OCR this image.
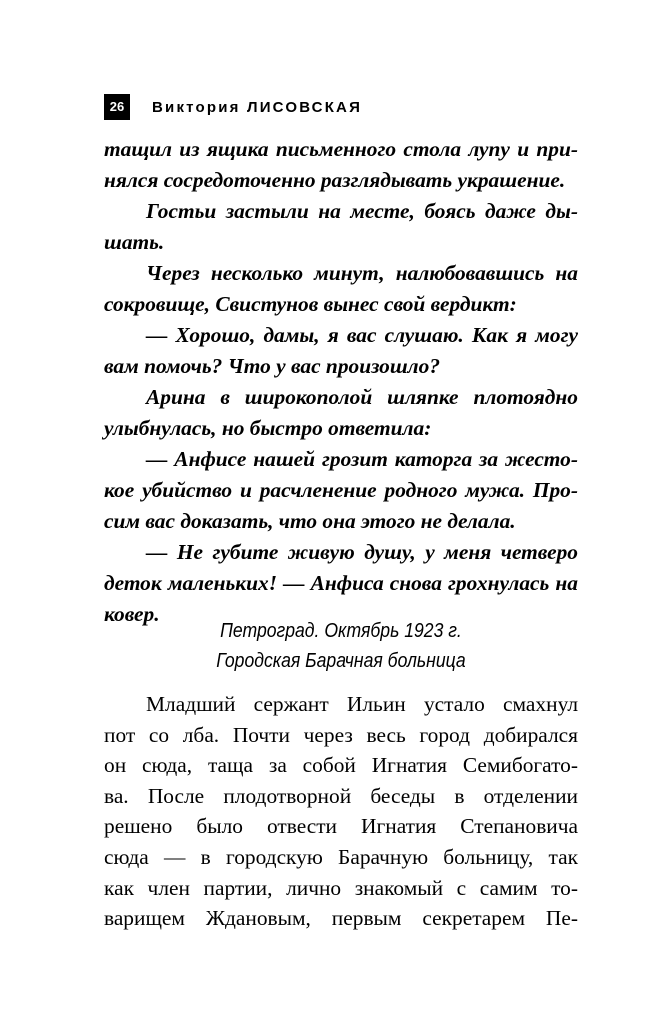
26	Виктория ЛИСОВСКАЯ

тащил из ящика письменного стола лупу и при-
нялся сосредоточенно разглядывать украшение.

Гостьи застыли на месте, боясь даже ды-
шать.

Через несколько минут, налюбовавшись на
сокровище, Свистунов вынес свой вердикт:

— Хорошо, дамы, я вас слушаю. Как я могу
вам помочь? Что у вас произошло?

Арина в широкополой шляпке плотоядно
улыбнулась, но быстро ответила:

— Анфисе нашей грозит каторга за жесто-
кое убийство и расчленение родного мужа. Про-
сим вас доказать, что она этого не делала.

— Не губите живую душу, у меня четверо
деток маленьких! — Анфиса снова грохнулась на
ковер.

Петроград. Октябрь 1923 г.
Городская Барачная больница
Младший сержант Ильин устало смахнул
пот со лба. Почти через весь город добирался
он сюда, таща за собой Игнатия Семибогато-
ва. После плодотворной беседы в отделении
решено было отвести Игнатия Степановича
сюда — в городскую Барачную больницу, так
как член партии, лично знакомый с самим то-
варищем Ждановым, первым секретарем Пе-
